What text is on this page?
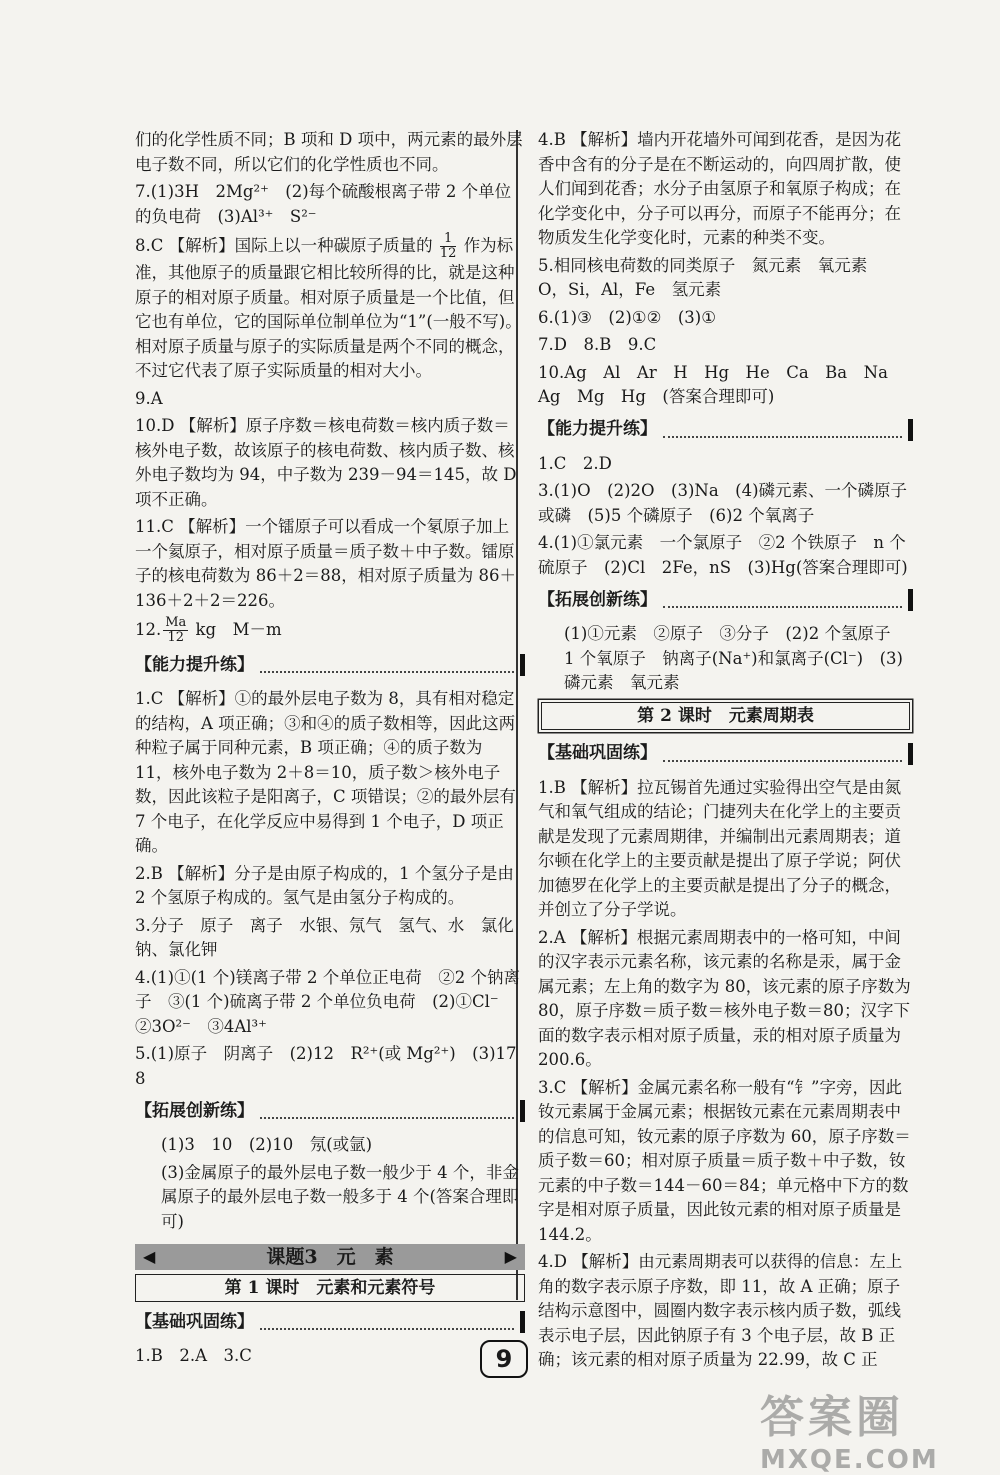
们的化学性质不同；B 项和 D 项中，两元素的最外层电子数不同，所以它们的化学性质也不同。

7.(1)3H　2Mg²⁺　(2)每个硫酸根离子带 2 个单位的负电荷　(3)Al³⁺　S²⁻

8.C 【解析】国际上以一种碳原子质量的 $\frac{1}{12}$ 作为标准，其他原子的质量跟它相比较所得的比，就是这种原子的相对原子质量。相对原子质量是一个比值，但它也有单位，它的国际单位制单位为“1”(一般不写)。相对原子质量与原子的实际质量是两个不同的概念，不过它代表了原子实际质量的相对大小。

9.A

10.D 【解析】原子序数＝核电荷数＝核内质子数＝核外电子数，故该原子的核电荷数、核内质子数、核外电子数均为 94，中子数为 239－94＝145，故 D 项不正确。

11.C 【解析】一个镭原子可以看成一个氡原子加上一个氦原子，相对原子质量＝质子数＋中子数。镭原子的核电荷数为 86＋2＝88，相对原子质量为 86＋136＋2＋2＝226。

12. $\frac{Ma}{12}$ kg　M－m

【能力提升练】

1.C 【解析】①的最外层电子数为 8，具有相对稳定的结构，A 项正确；③和④的质子数相等，因此这两种粒子属于同种元素，B 项正确；④的质子数为 11，核外电子数为 2＋8＝10，质子数＞核外电子数，因此该粒子是阳离子，C 项错误；②的最外层有 7 个电子，在化学反应中易得到 1 个电子，D 项正确。

2.B 【解析】分子是由原子构成的，1 个氢分子是由 2 个氢原子构成的。氢气是由氢分子构成的。

3.分子　原子　离子　水银、氖气　氢气、水　氯化钠、氯化钾

4.(1)①(1 个)镁离子带 2 个单位正电荷　②2 个钠离子　③(1 个)硫离子带 2 个单位负电荷　(2)①Cl⁻　②3O²⁻　③4Al³⁺

5.(1)原子　阴离子　(2)12　R²⁺(或 Mg²⁺)　(3)17　8

【拓展创新练】

(1)3　10　(2)10　氖(或氩)

(3)金属原子的最外层电子数一般少于 4 个，非金属原子的最外层电子数一般多于 4 个(答案合理即可)

◀	课题3　元　素	▶
第 1 课时　元素和元素符号
【基础巩固练】

1.B　2.A　3.C

4.B 【解析】墙内开花墙外可闻到花香，是因为花香中含有的分子是在不断运动的，向四周扩散，使人们闻到花香；水分子由氢原子和氧原子构成；在化学变化中，分子可以再分，而原子不能再分；在物质发生化学变化时，元素的种类不变。

5.相同核电荷数的同类原子　氮元素　氧元素　O，Si，Al，Fe　氢元素

6.(1)③　(2)①②　(3)①

7.D　8.B　9.C

10.Ag　Al　Ar　H　Hg　He　Ca　Ba　Na　Ag　Mg　Hg　(答案合理即可)

【能力提升练】

1.C　2.D

3.(1)O　(2)2O　(3)Na　(4)磷元素、一个磷原子或磷　(5)5 个磷原子　(6)2 个氧离子

4.(1)①氯元素　一个氯原子　②2 个铁原子　n 个硫原子　(2)Cl　2Fe，nS　(3)Hg(答案合理即可)

【拓展创新练】

(1)①元素　②原子　③分子　(2)2 个氢原子　1 个氧原子　钠离子(Na⁺)和氯离子(Cl⁻)　(3)磷元素　氧元素

第 2 课时　元素周期表
【基础巩固练】

1.B 【解析】拉瓦锡首先通过实验得出空气是由氮气和氧气组成的结论；门捷列夫在化学上的主要贡献是发现了元素周期律，并编制出元素周期表；道尔顿在化学上的主要贡献是提出了原子学说；阿伏加德罗在化学上的主要贡献是提出了分子的概念，并创立了分子学说。

2.A 【解析】根据元素周期表中的一格可知，中间的汉字表示元素名称，该元素的名称是汞，属于金属元素；左上角的数字为 80，该元素的原子序数为 80，原子序数＝质子数＝核外电子数＝80；汉字下面的数字表示相对原子质量，汞的相对原子质量为 200.6。

3.C 【解析】金属元素名称一般有“钅”字旁，因此钕元素属于金属元素；根据钕元素在元素周期表中的信息可知，钕元素的原子序数为 60，原子序数＝质子数＝60；相对原子质量＝质子数＋中子数，钕元素的中子数＝144－60＝84；单元格中下方的数字是相对原子质量，因此钕元素的相对原子质量是 144.2。

4.D 【解析】由元素周期表可以获得的信息：左上角的数字表示原子序数，即 11，故 A 正确；原子结构示意图中，圆圈内数字表示核内质子数，弧线表示电子层，因此钠原子有 3 个电子层，故 B 正确；该元素的相对原子质量为 22.99，故 C 正

9
答案圈
MXQE.COM
